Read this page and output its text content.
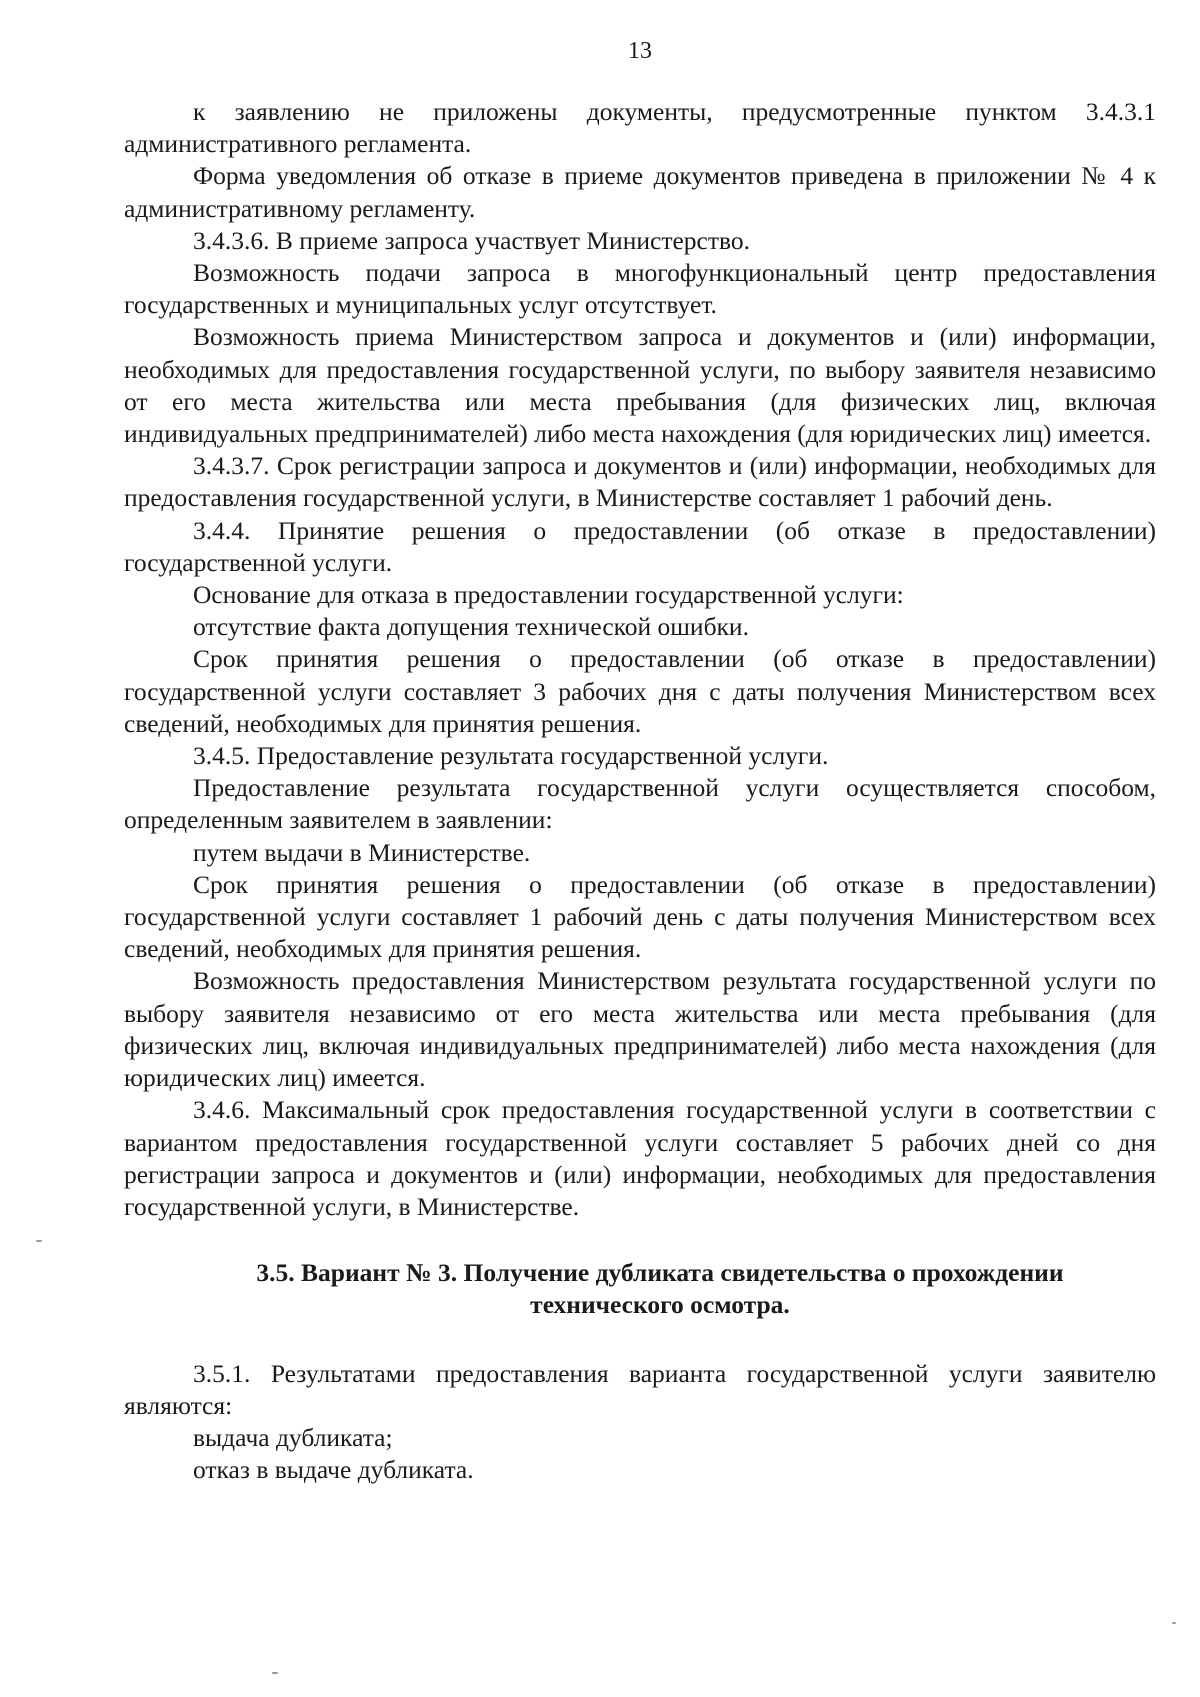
13

к заявлению не приложены документы, предусмотренные пунктом 3.4.3.1 административного регламента.

Форма уведомления об отказе в приеме документов приведена в приложении № 4 к административному регламенту.

3.4.3.6. В приеме запроса участвует Министерство.

Возможность подачи запроса в многофункциональный центр предоставления государственных и муниципальных услуг отсутствует.

Возможность приема Министерством запроса и документов и (или) информации, необходимых для предоставления государственной услуги, по выбору заявителя независимо от его места жительства или места пребывания (для физических лиц, включая индивидуальных предпринимателей) либо места нахождения (для юридических лиц) имеется.

3.4.3.7. Срок регистрации запроса и документов и (или) информации, необходимых для предоставления государственной услуги, в Министерстве составляет 1 рабочий день.

3.4.4. Принятие решения о предоставлении (об отказе в предоставлении) государственной услуги.

Основание для отказа в предоставлении государственной услуги:

отсутствие факта допущения технической ошибки.

Срок принятия решения о предоставлении (об отказе в предоставлении) государственной услуги составляет 3 рабочих дня с даты получения Министерством всех сведений, необходимых для принятия решения.

3.4.5. Предоставление результата государственной услуги.

Предоставление результата государственной услуги осуществляется способом, определенным заявителем в заявлении:

путем выдачи в Министерстве.

Срок принятия решения о предоставлении (об отказе в предоставлении) государственной услуги составляет 1 рабочий день с даты получения Министерством всех сведений, необходимых для принятия решения.

Возможность предоставления Министерством результата государственной услуги по выбору заявителя независимо от его места жительства или места пребывания (для физических лиц, включая индивидуальных предпринимателей) либо места нахождения (для юридических лиц) имеется.

3.4.6. Максимальный срок предоставления государственной услуги в соответствии с вариантом предоставления государственной услуги составляет 5 рабочих дней со дня регистрации запроса и документов и (или) информации, необходимых для предоставления государственной услуги, в Министерстве.

3.5. Вариант № 3. Получение дубликата свидетельства о прохождении
технического осмотра.

3.5.1. Результатами предоставления варианта государственной услуги заявителю являются:

выдача дубликата;

отказ в выдаче дубликата.
